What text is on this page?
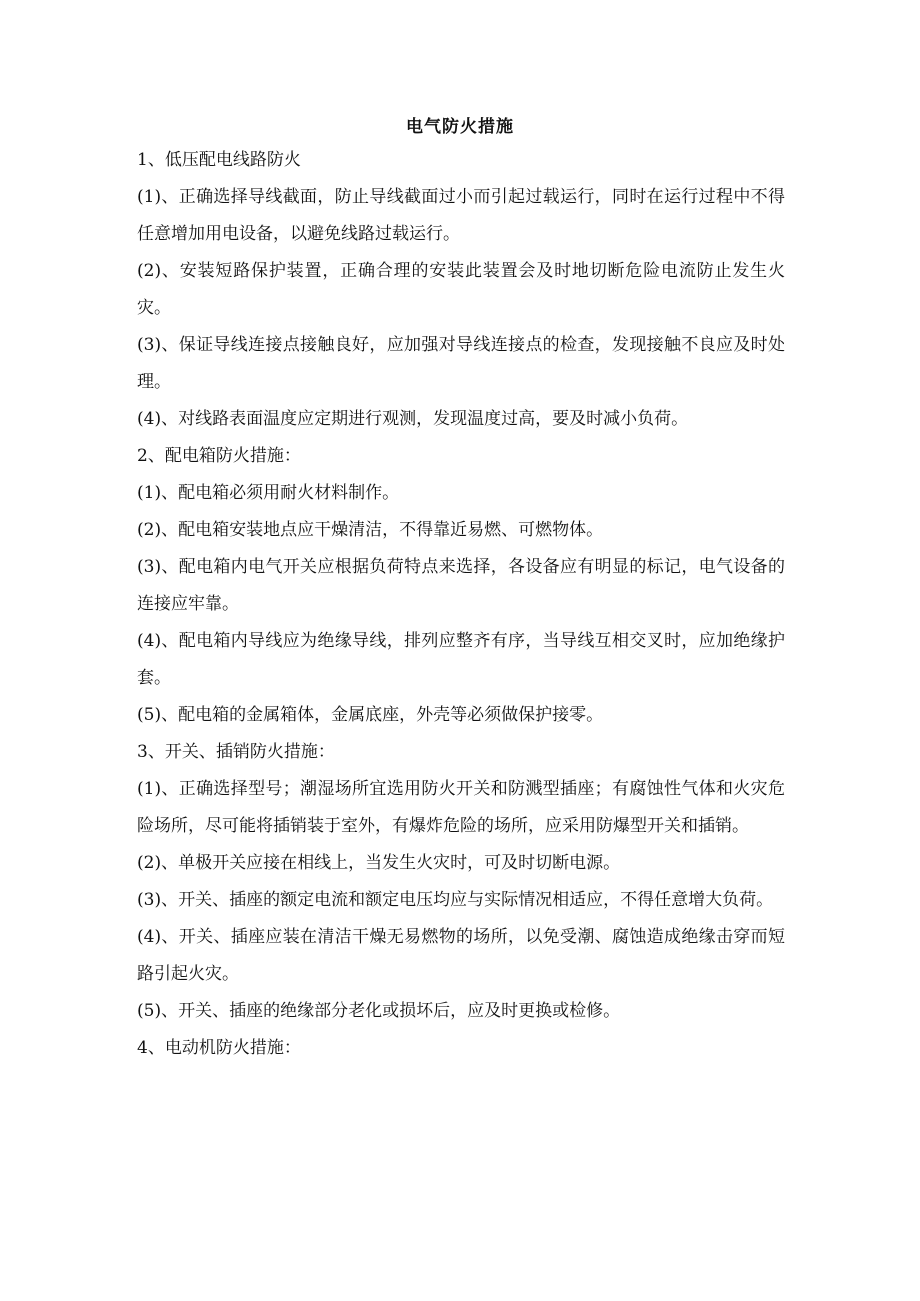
电气防火措施

1、低压配电线路防火

(1)、正确选择导线截面，防止导线截面过小而引起过载运行，同时在运行过程中不得任意增加用电设备，以避免线路过载运行。

(2)、安装短路保护装置，正确合理的安装此装置会及时地切断危险电流防止发生火灾。

(3)、保证导线连接点接触良好，应加强对导线连接点的检查，发现接触不良应及时处理。

(4)、对线路表面温度应定期进行观测，发现温度过高，要及时减小负荷。

2、配电箱防火措施：

(1)、配电箱必须用耐火材料制作。

(2)、配电箱安装地点应干燥清洁，不得靠近易燃、可燃物体。

(3)、配电箱内电气开关应根据负荷特点来选择，各设备应有明显的标记，电气设备的连接应牢靠。

(4)、配电箱内导线应为绝缘导线，排列应整齐有序，当导线互相交叉时，应加绝缘护套。

(5)、配电箱的金属箱体，金属底座，外壳等必须做保护接零。

3、开关、插销防火措施：

(1)、正确选择型号；潮湿场所宜选用防火开关和防溅型插座；有腐蚀性气体和火灾危险场所，尽可能将插销装于室外，有爆炸危险的场所，应采用防爆型开关和插销。

(2)、单极开关应接在相线上，当发生火灾时，可及时切断电源。

(3)、开关、插座的额定电流和额定电压均应与实际情况相适应，不得任意增大负荷。

(4)、开关、插座应装在清洁干燥无易燃物的场所，以免受潮、腐蚀造成绝缘击穿而短路引起火灾。

(5)、开关、插座的绝缘部分老化或损坏后，应及时更换或检修。

4、电动机防火措施：
